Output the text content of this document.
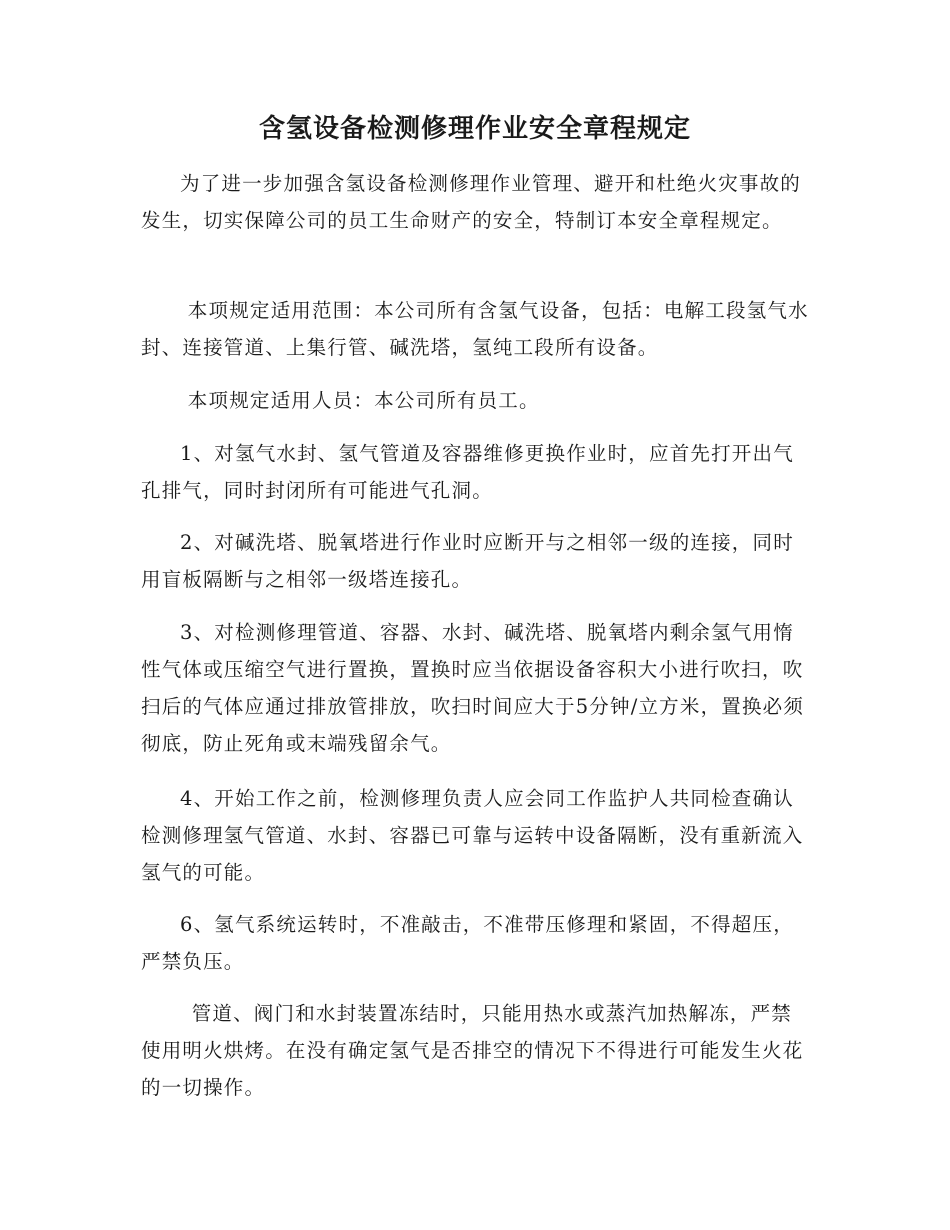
含氢设备检测修理作业安全章程规定

为了进一步加强含氢设备检测修理作业管理、避开和杜绝火灾事故的发生，切实保障公司的员工生命财产的安全，特制订本安全章程规定。

本项规定适用范围：本公司所有含氢气设备，包括：电解工段氢气水封、连接管道、上集行管、碱洗塔，氢纯工段所有设备。

本项规定适用人员：本公司所有员工。

1、对氢气水封、氢气管道及容器维修更换作业时，应首先打开出气孔排气，同时封闭所有可能进气孔洞。

2、对碱洗塔、脱氧塔进行作业时应断开与之相邻一级的连接，同时用盲板隔断与之相邻一级塔连接孔。

3、对检测修理管道、容器、水封、碱洗塔、脱氧塔内剩余氢气用惰性气体或压缩空气进行置换，置换时应当依据设备容积大小进行吹扫，吹扫后的气体应通过排放管排放，吹扫时间应大于5分钟/立方米，置换必须彻底，防止死角或末端残留余气。

4、开始工作之前，检测修理负责人应会同工作监护人共同检查确认检测修理氢气管道、水封、容器已可靠与运转中设备隔断，没有重新流入氢气的可能。

6、氢气系统运转时，不准敲击，不准带压修理和紧固，不得超压，严禁负压。

管道、阀门和水封装置冻结时，只能用热水或蒸汽加热解冻，严禁使用明火烘烤。在没有确定氢气是否排空的情况下不得进行可能发生火花的一切操作。
